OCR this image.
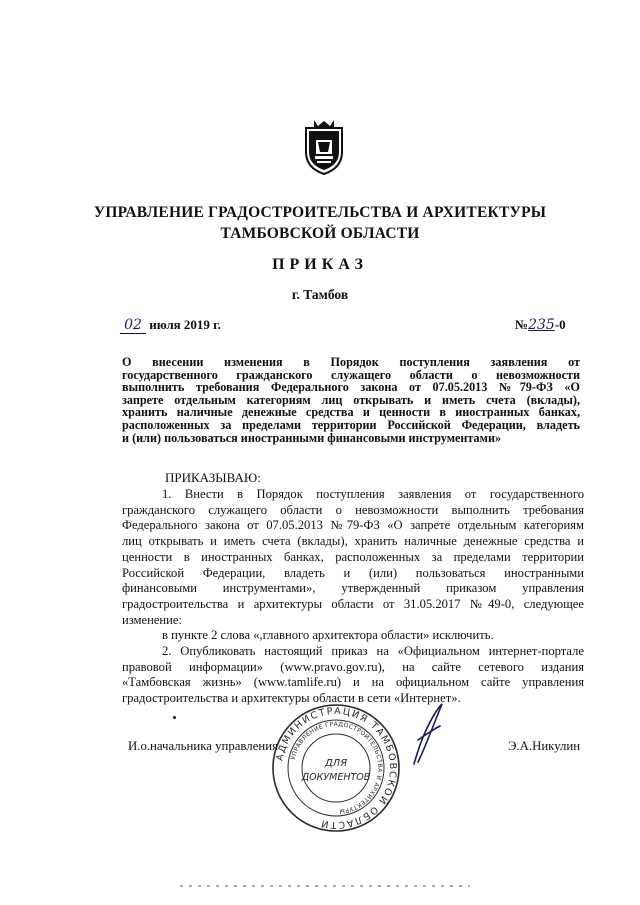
УПРАВЛЕНИЕ ГРАДОСТРОИТЕЛЬСТВА И АРХИТЕКТУРЫ
ТАМБОВСКОЙ ОБЛАСТИ
ПРИКАЗ
г. Тамбов
02 июля 2019 г.	№235-0
О внесении изменения в Порядок поступления заявления от
государственного гражданского служащего области о невозможности
выполнить требования Федерального закона от 07.05.2013 №79-ФЗ «О
запрете отдельным категориям лиц открывать и иметь счета (вклады),
хранить наличные денежные средства и ценности в иностранных банках,
расположенных за пределами территории Российской Федерации, владеть
и (или) пользоваться иностранными финансовыми инструментами»
ПРИКАЗЫВАЮ:
1. Внести в Порядок поступления заявления от государственного
гражданского служащего области о невозможности выполнить требования
Федерального закона от 07.05.2013 №79-ФЗ «О запрете отдельным категориям
лиц открывать и иметь счета (вклады), хранить наличные денежные средства и
ценности в иностранных банках, расположенных за пределами территории
Российской Федерации, владеть и (или) пользоваться иностранными
финансовыми инструментами», утвержденный приказом управления
градостроительства и архитектуры области от 31.05.2017 №49-0, следующее
изменение:
в пункте 2 слова «,главного архитектора области» исключить.
2. Опубликовать настоящий приказ на «Официальном интернет-портале
правовой информации» (www.pravo.gov.ru), на сайте сетевого издания
«Тамбовская жизнь» (www.tamlife.ru) и на официальном сайте управления
градостроительства и архитектуры области в сети «Интернет».
И.о.начальника управления	Э.А.Никулин
АДМИНИСТРАЦИЯ ТАМБОВСКОЙ ОБЛАСТИ
УПРАВЛЕНИЕ ГРАДОСТРОИТЕЛЬСТВА И АРХИТЕКТУРЫ
ДЛЯ
ДОКУМЕНТОВ
